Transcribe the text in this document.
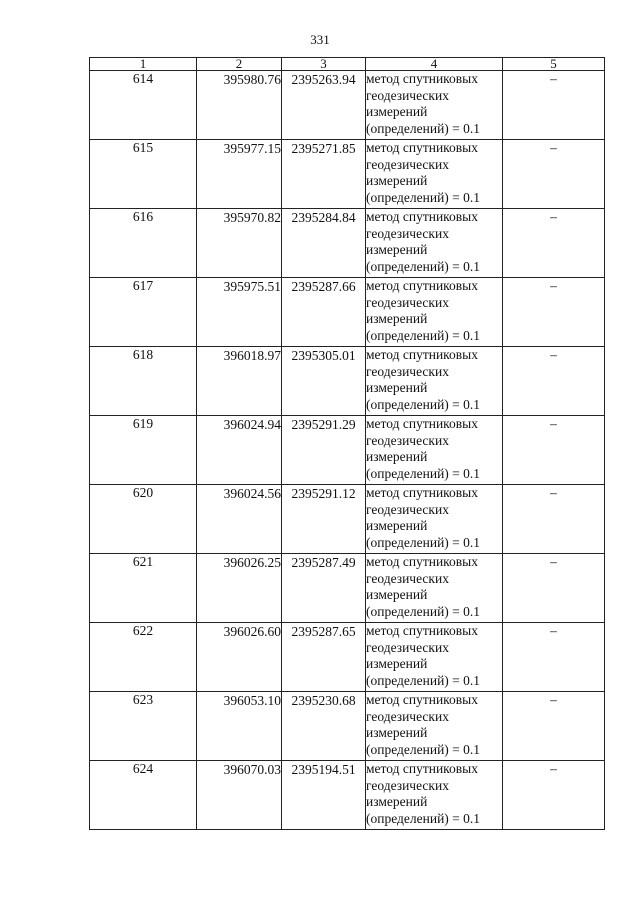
331
1	2	3	4	5
614	395980.76	2395263.94	метод спутниковых
геодезических
измерений
(определений) = 0.1	–
615	395977.15	2395271.85	метод спутниковых
геодезических
измерений
(определений) = 0.1	–
616	395970.82	2395284.84	метод спутниковых
геодезических
измерений
(определений) = 0.1	–
617	395975.51	2395287.66	метод спутниковых
геодезических
измерений
(определений) = 0.1	–
618	396018.97	2395305.01	метод спутниковых
геодезических
измерений
(определений) = 0.1	–
619	396024.94	2395291.29	метод спутниковых
геодезических
измерений
(определений) = 0.1	–
620	396024.56	2395291.12	метод спутниковых
геодезических
измерений
(определений) = 0.1	–
621	396026.25	2395287.49	метод спутниковых
геодезических
измерений
(определений) = 0.1	–
622	396026.60	2395287.65	метод спутниковых
геодезических
измерений
(определений) = 0.1	–
623	396053.10	2395230.68	метод спутниковых
геодезических
измерений
(определений) = 0.1	–
624	396070.03	2395194.51	метод спутниковых
геодезических
измерений
(определений) = 0.1	–
